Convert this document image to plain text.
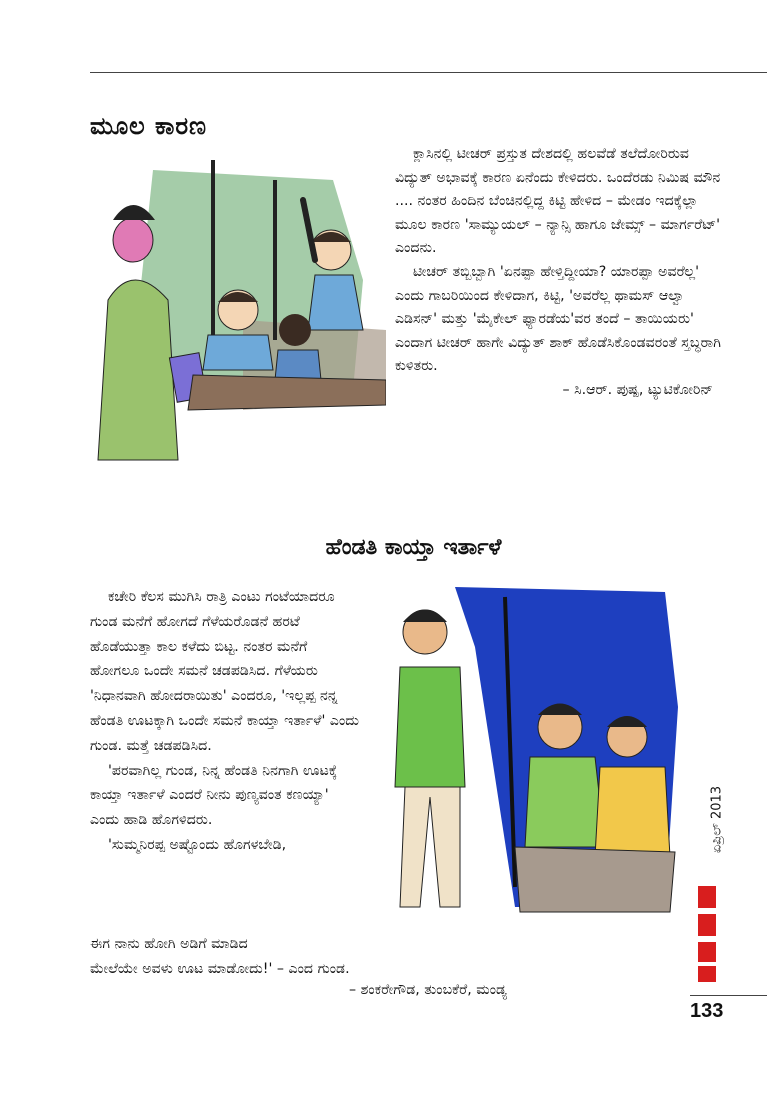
ಮೂಲ ಕಾರಣ

ಕ್ಲಾಸಿನಲ್ಲಿ ಟೀಚರ್ ಪ್ರಸ್ತುತ ದೇಶದಲ್ಲಿ ಹಲವೆಡೆ ತಲೆದೋರಿರುವ ವಿದ್ಯುತ್ ಅಭಾವಕ್ಕೆ ಕಾರಣ ಏನೆಂದು ಕೇಳಿದರು. ಒಂದೆರಡು ನಿಮಿಷ ಮೌನ .... ನಂತರ ಹಿಂದಿನ ಬೆಂಚಿನಲ್ಲಿದ್ದ ಕಿಟ್ಟಿ ಹೇಳಿದ – ಮೇಡಂ ಇದಕ್ಕೆಲ್ಲಾ ಮೂಲ ಕಾರಣ 'ಸಾಮ್ಯುಯಲ್ – ನ್ಯಾನ್ಸಿ ಹಾಗೂ ಜೇಮ್ಸ್ – ಮಾರ್ಗರೆಟ್' ಎಂದನು.

ಟೀಚರ್ ತಬ್ಬಿಬ್ಬಾಗಿ 'ಏನಪ್ಪಾ ಹೇಳ್ತಿದ್ದೀಯಾ? ಯಾರಪ್ಪಾ ಅವರೆಲ್ಲ' ಎಂದು ಗಾಬರಿಯಿಂದ ಕೇಳಿದಾಗ, ಕಿಟ್ಟಿ, 'ಅವರೆಲ್ಲ ಥಾಮಸ್ ಆಲ್ವಾ ಎಡಿಸನ್' ಮತ್ತು 'ಮೈಕೇಲ್ ಫ್ಯಾರಡೆಯ'ವರ ತಂದೆ – ತಾಯಿಯರು' ಎಂದಾಗ ಟೀಚರ್ ಹಾಗೇ ವಿದ್ಯುತ್ ಶಾಕ್ ಹೊಡೆಸಿಕೊಂಡವರಂತೆ ಸ್ತಬ್ಧರಾಗಿ ಕುಳಿತರು.

– ಸಿ.ಆರ್. ಪುಷ್ಪ, ಟ್ಯುಟಿಕೋರಿನ್

ಹೆಂಡತಿ ಕಾಯ್ತಾ ಇರ್ತಾಳೆ

ಕಚೇರಿ ಕೆಲಸ ಮುಗಿಸಿ ರಾತ್ರಿ ಎಂಟು ಗಂಟೆಯಾದರೂ ಗುಂಡ ಮನೆಗೆ ಹೋಗದೆ ಗೆಳೆಯರೊಡನೆ ಹರಟೆ ಹೊಡೆಯುತ್ತಾ ಕಾಲ ಕಳೆದು ಬಿಟ್ಟ. ನಂತರ ಮನೆಗೆ ಹೋಗಲೂ ಒಂದೇ ಸಮನೆ ಚಡಪಡಿಸಿದ. ಗೆಳೆಯರು 'ನಿಧಾನವಾಗಿ ಹೋದರಾಯಿತು' ಎಂದರೂ, 'ಇಲ್ಲಪ್ಪ ನನ್ನ ಹೆಂಡತಿ ಊಟಕ್ಕಾಗಿ ಒಂದೇ ಸಮನೆ ಕಾಯ್ತಾ ಇರ್ತಾಳೆ' ಎಂದು ಗುಂಡ. ಮತ್ತೆ ಚಡಪಡಿಸಿದ.

'ಪರವಾಗಿಲ್ಲ ಗುಂಡ, ನಿನ್ನ ಹೆಂಡತಿ ನಿನಗಾಗಿ ಊಟಕ್ಕೆ ಕಾಯ್ತಾ ಇರ್ತಾಳೆ ಎಂದರೆ ನೀನು ಪುಣ್ಯವಂತ ಕಣಯ್ಯಾ' ಎಂದು ಹಾಡಿ ಹೊಗಳಿದರು.

'ಸುಮ್ಮನಿರಪ್ಪ ಅಷ್ಟೊಂದು ಹೊಗಳಬೇಡಿ,

ಈಗ ನಾನು ಹೋಗಿ ಅಡಿಗೆ ಮಾಡಿದ
ಮೇಲೆಯೇ ಅವಳು ಊಟ ಮಾಡೋದು!' – ಎಂದ ಗುಂಡ.
– ಶಂಕರೇಗೌಡ, ತುಂಬಕೆರೆ, ಮಂಡ್ಯ
ಏಪ್ರಿಲ್ 2013
133
